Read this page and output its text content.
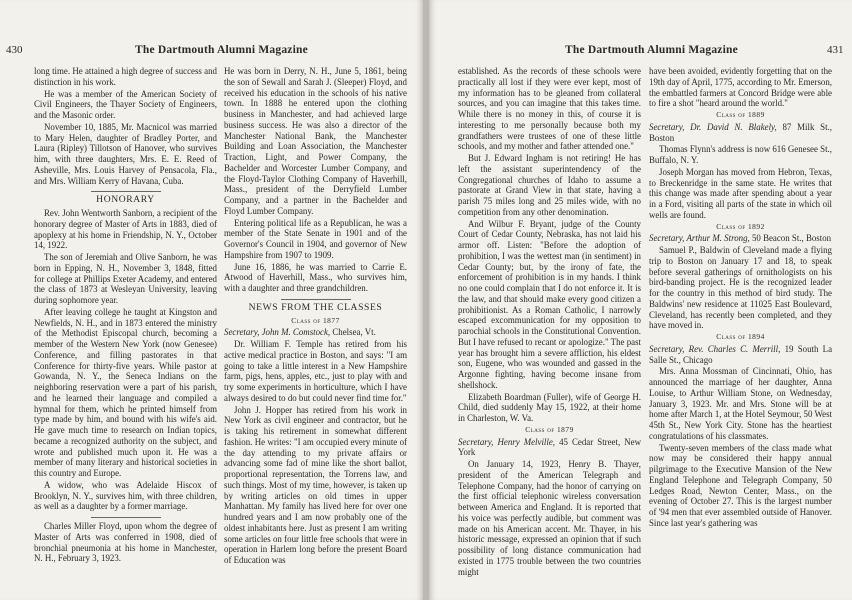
430	The Dartmouth Alumni Magazine

long time. He attained a high degree of success and distinction in his work.

He was a member of the American Society of Civil Engineers, the Thayer Society of Engineers, and the Masonic order.

November 10, 1885, Mr. Macnicol was married to Mary Helen, daughter of Bradley Porter, and Laura (Ripley) Tillotson of Hanover, who survives him, with three daughters, Mrs. E. E. Reed of Asheville, Mrs. Louis Harvey of Pensacola, Fla., and Mrs. William Kerry of Havana, Cuba.

HONORARY

Rev. John Wentworth Sanborn, a recipient of the honorary degree of Master of Arts in 1883, died of apoplexy at his home in Friendship, N. Y., October 14, 1922.

The son of Jeremiah and Olive Sanborn, he was born in Epping, N. H., November 3, 1848, fitted for college at Phillips Exeter Academy, and entered the class of 1873 at Wesleyan University, leaving during sophomore year.

After leaving college he taught at Kingston and Newfields, N. H., and in 1873 entered the ministry of the Methodist Episcopal church, becoming a member of the Western New York (now Genesee) Conference, and filling pastorates in that Conference for thirty-five years. While pastor at Gowanda, N. Y., the Seneca Indians on the neighboring reservation were a part of his parish, and he learned their language and compiled a hymnal for them, which he printed himself from type made by him, and bound with his wife's aid. He gave much time to research on Indian topics, became a recognized authority on the subject, and wrote and published much upon it. He was a member of many literary and historical societies in this country and Europe.

A widow, who was Adelaide Hiscox of Brooklyn, N. Y., survives him, with three children, as well as a daughter by a former marriage.

Charles Miller Floyd, upon whom the degree of Master of Arts was conferred in 1908, died of bronchial pneumonia at his home in Manchester, N. H., February 3, 1923.

He was born in Derry, N. H., June 5, 1861, being the son of Sewall and Sarah J. (Sleeper) Floyd, and received his education in the schools of his native town. In 1888 he entered upon the clothing business in Manchester, and had achieved large business success. He was also a director of the Manchester National Bank, the Manchester Building and Loan Association, the Manchester Traction, Light, and Power Company, the Bachelder and Worcester Lumber Company, and the Floyd-Taylor Clothing Company of Haverhill, Mass., president of the Derryfield Lumber Company, and a partner in the Bachelder and Floyd Lumber Company.

Entering political life as a Republican, he was a member of the State Senate in 1901 and of the Governor's Council in 1904, and governor of New Hampshire from 1907 to 1909.

June 16, 1886, he was married to Carrie E. Atwood of Haverhill, Mass., who survives him, with a daughter and three grandchildren.

NEWS FROM THE CLASSES

Class of 1877

Secretary, John M. Comstock, Chelsea, Vt.

Dr. William F. Temple has retired from his active medical practice in Boston, and says: "I am going to take a little interest in a New Hampshire farm, pigs, hens, apples, etc., just to play with and try some experiments in horticulture, which I have always desired to do but could never find time for."

John J. Hopper has retired from his work in New York as civil engineer and contractor, but he is taking his retirement in somewhat different fashion. He writes: "I am occupied every minute of the day attending to my private affairs or advancing some fad of mine like the short ballot, proportional representation, the Torrens law, and such things. Most of my time, however, is taken up by writing articles on old times in upper Manhattan. My family has lived here for over one hundred years and I am now probably one of the oldest inhabitants here. Just as present I am writing some articles on four little free schools that were in operation in Harlem long before the present Board of Education was

The Dartmouth Alumni Magazine	431

established. As the records of these schools were practically all lost if they were ever kept, most of my information has to be gleaned from collateral sources, and you can imagine that this takes time. While there is no money in this, of course it is interesting to me personally because both my grandfathers were trustees of one of these little schools, and my mother and father attended one."

But J. Edward Ingham is not retiring! He has left the assistant superintendency of the Congregational churches of Idaho to assume a pastorate at Grand View in that state, having a parish 75 miles long and 25 miles wide, with no competition from any other denomination.

And Wilbur F. Bryant, judge of the County Court of Cedar County, Nebraska, has not laid his armor off. Listen: "Before the adoption of prohibition, I was the wettest man (in sentiment) in Cedar County; but, by the irony of fate, the enforcement of prohibition is in my hands. I think no one could complain that I do not enforce it. It is the law, and that should make every good citizen a prohibitionist. As a Roman Catholic, I narrowly escaped excommunication for my opposition to parochial schools in the Constitutional Convention. But I have refused to recant or apologize." The past year has brought him a severe affliction, his eldest son, Eugene, who was wounded and gassed in the Argonne fighting, having become insane from shellshock.

Elizabeth Boardman (Fuller), wife of George H. Child, died suddenly May 15, 1922, at their home in Charleston, W. Va.

Class of 1879

Secretary, Henry Melville, 45 Cedar Street, New York

On January 14, 1923, Henry B. Thayer, president of the American Telegraph and Telephone Company, had the honor of carrying on the first official telephonic wireless conversation between America and England. It is reported that his voice was perfectly audible, but comment was made on his American accent. Mr. Thayer, in his historic message, expressed an opinion that if such possibility of long distance communication had existed in 1775 trouble between the two countries might

have been avoided, evidently forgetting that on the 19th day of April, 1775, according to Mr. Emerson, the embattled farmers at Concord Bridge were able to fire a shot "heard around the world."

Class of 1889

Secretary, Dr. David N. Blakely, 87 Milk St., Boston

Thomas Flynn's address is now 616 Genesee St., Buffalo, N. Y.

Joseph Morgan has moved from Hebron, Texas, to Breckenridge in the same state. He writes that this change was made after spending about a year in a Ford, visiting all parts of the state in which oil wells are found.

Class of 1892

Secretary, Arthur M. Strong, 50 Beacon St., Boston

Samuel P., Baldwin of Cleveland made a flying trip to Boston on January 17 and 18, to speak before several gatherings of ornithologists on his bird-banding project. He is the recognized leader for the country in this method of bird study. The Baldwins' new residence at 11025 East Boulevard, Cleveland, has recently been completed, and they have moved in.

Class of 1894

Secretary, Rev. Charles C. Merrill, 19 South La Salle St., Chicago

Mrs. Anna Mossman of Cincinnati, Ohio, has announced the marriage of her daughter, Anna Louise, to Arthur William Stone, on Wednesday, January 3, 1923. Mr. and Mrs. Stone will be at home after March 1, at the Hotel Seymour, 50 West 45th St., New York City. Stone has the heartiest congratulations of his classmates.

Twenty-seven members of the class made what now may be considered their happy annual pilgrimage to the Executive Mansion of the New England Telephone and Telegraph Company, 50 Ledges Road, Newton Center, Mass., on the evening of October 27. This is the largest number of '94 men that ever assembled outside of Hanover. Since last year's gathering was
